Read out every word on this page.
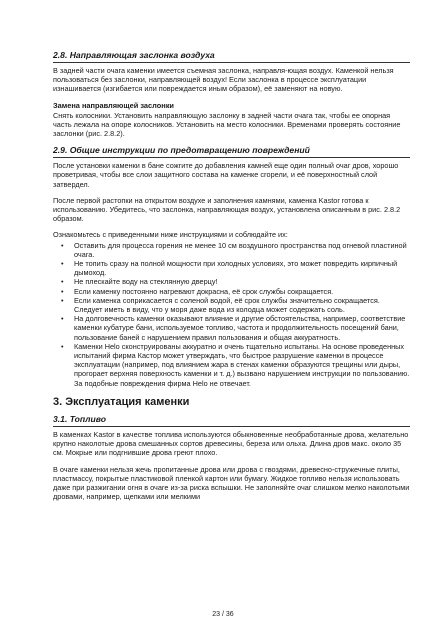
2.8. Направляющая заслонка воздуха

В задней части очага каменки имеется съемная заслонка, направля-ющая воздух. Каменкой нельзя пользоваться без заслонки, направляющей воздух! Если заслонка в процессе эксплуатации изнашивается (изгибается или повреждается иным образом), её заменяют на новую.

Замена направляющей заслонки

Снять колосники. Установить направляющую заслонку в задней части очага так, чтобы ее опорная часть лежала на опоре колосников. Установить на место колосники. Временами проверять состояние заслонки (рис. 2.8.2).

2.9. Общие инструкции по предотвращению повреждений

После установки каменки в бане сожгите до добавления камней еще один полный очаг дров, хорошо проветривая, чтобы все слои защитного состава на каменке сгорели, и её поверхностный слой затвердел.

После первой растопки на открытом воздухе и заполнения камнями, каменка Kastor готова к использованию. Убедитесь, что заслонка, направляющая воздух, установлена описанным в рис. 2.8.2 образом.

Ознакомьтесь с приведенными ниже инструкциями и соблюдайте их:

• Оставить для процесса горения не менее 10 см воздушного пространства под огневой пластиной очага.
• Не топить сразу на полной мощности при холодных условиях, это может повредить кирпичный дымоход.
• Не плескайте воду на стеклянную дверцу!
• Если каменку постоянно нагревают докрасна, её срок службы сокращается.
• Если каменка соприкасается с соленой водой, её срок службы значительно сокращается. Следует иметь в виду, что у моря даже вода из колодца может содержать соль.
• На долговечность каменки оказывают влияние и другие обстоятельства, например, соответствие каменки кубатуре бани, используемое топливо, частота и продолжительность посещений бани, пользование баней с нарушением правил пользования и общая аккуратность.
• Каменки Helo сконструированы аккуратно и очень тщательно испытаны. На основе проведенных испытаний фирма Кастор может утверждать, что быстрое разрушение каменки в процессе эксплуатации (например, под влиянием жара в стенах каменки образуются трещины или дыры, прогорает верхняя поверхность каменки и т. д.) вызвано нарушением инструкции по пользованию. За подобные повреждения фирма Helo не отвечает.
3. Эксплуатация каменки
3.1. Топливо

В каменках Kastor в качестве топлива используются обыкновенные необработанные дрова, желательно крупно наколотые дрова смешанных сортов древесины, береза или ольха. Длина дров макс. около 35 см. Мокрые или подгнившие дрова греют плохо.

В очаге каменки нельзя жечь пропитанные дрова или дрова с гвоздями, древесно-стружечные плиты, пластмассу, покрытые пластиковой пленкой картон или бумагу. Жидкое топливо нельзя использовать даже при разжигании огня в очаге из-за риска вспышки. Не заполняйте очаг слишком мелко наколотыми дровами, например, щепками или мелкими

23 / 36
